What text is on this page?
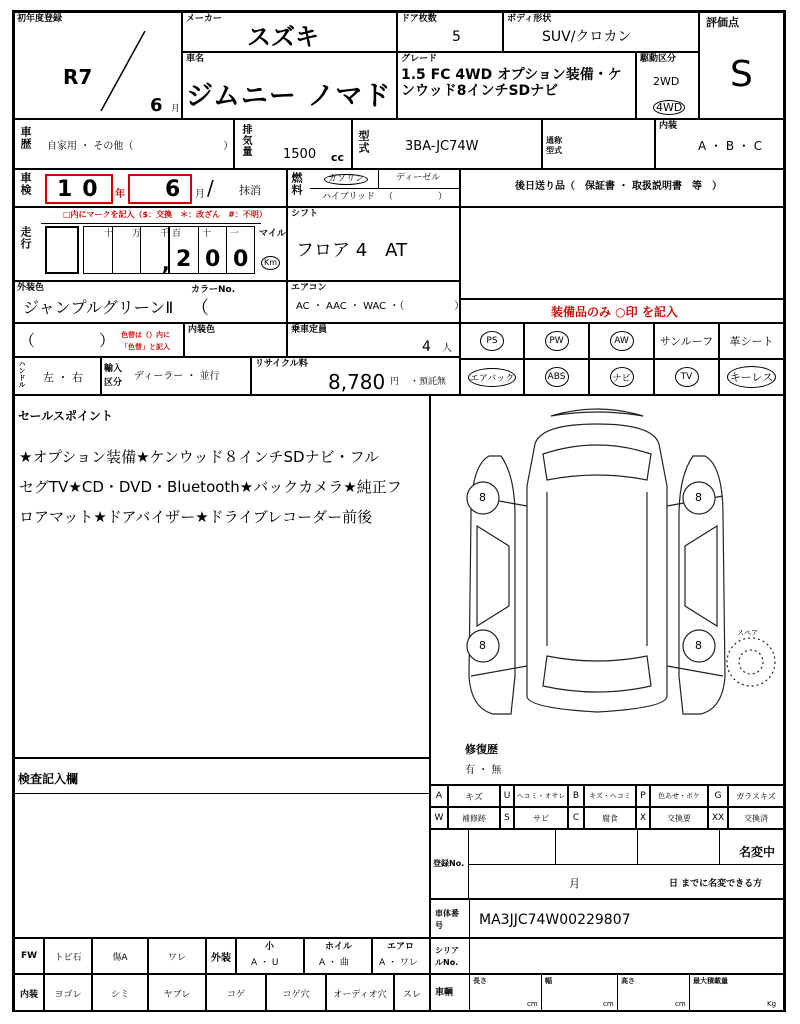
初年度登録
R7
6 月
メーカー
スズキ
ドア枚数
5
ボディ形状
SUV/クロカン
評価点
S
車名
ジムニー ノマド
グレード
1.5 FC 4WD オプション装備・ケンウッド8インチSDナビ
駆動区分
2WD
4WD
車歴 自家用 ・ その他（　　　　　　　　　） 排気量 1500 cc
型式	3BA-JC74W	通称型式
内装
A ・ B ・ C
車検 10 年 6 月 / 抹消	燃料	ガソリン	ディーゼル
ハイブリッド （　　　　　）
後日送り品（　保証書 ・ 取扱説明書　等　）
走行
□内にマークを記入（$：交換　＊：改ざん　#：不明）
十 万 千 百 十 一
, 2 0 0
マイル
Km
シフト
フロア 4　AT
外装色	カラーNo.
ジャンプルグリーンⅡ （
エアコン
AC ・ AAC ・ WAC ・（　　　　　）	装備品のみ ○印 を記入
（　　　　） 色替は（）内に
「色替」と記入
内装色	乗車定員
4 人
PS	PW	AW	サンルーフ 革シート
エアバック	ABS	ナビ	TV	キーレス
ハンドル 左 ・ 右
輸入区分
ディーラー ・ 並行
リサイクル料
8,780 円 ・預託無
セールスポイント
★オプション装備★ケンウッド８インチSDナビ・フル
セグTV★CD・DVD・Bluetooth★バックカメラ★純正フ
ロアマット★ドアバイザー★ドライブレコーダー前後
8	8
8	8
スペア
修復歴
有 ・ 無
検査記入欄
A	キズ	U ヘコミ・オサレ B	キズ・ヘコミ	P	色あせ・ボケ	G	ガラスキズ
W	補修跡	S	サビ	C	腐食	X	交換要	XX	交換済
登録No.
名変中
月	日 までに名変できる方
車体番号	MA3JJC74W00229807
FW	トビ石	傷A	ワレ	外装
小
A ・ U
ホイル
A ・ 曲
エアロ
A ・ ワレ
シリアルNo.
内装	ヨゴレ	シミ	ヤブレ	コゲ	コゲ穴	オーディオ穴	スレ	車輌
長さ
cm
幅
cm
高さ
cm
最大積載量
Kg
